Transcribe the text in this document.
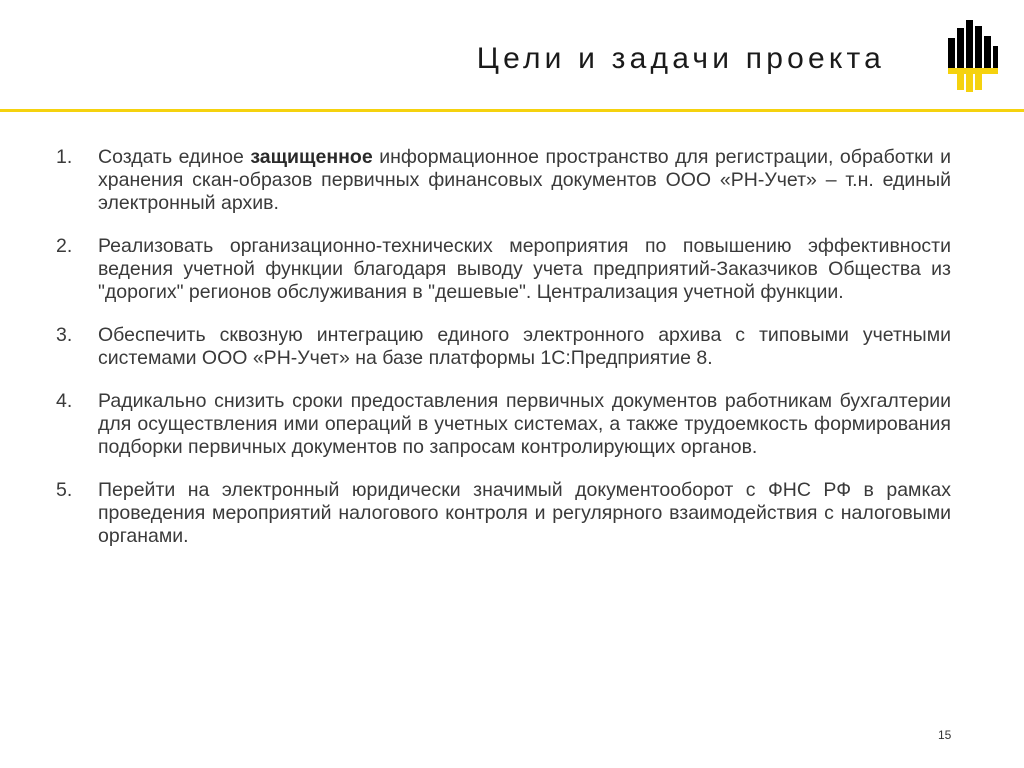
Цели и задачи проекта
1.	Создать единое защищенное информационное пространство для регистрации, обработки и хранения скан-образов первичных финансовых документов ООО «РН-Учет» – т.н. единый электронный архив.
2.	Реализовать организационно-технических мероприятия по повышению эффективности ведения учетной функции благодаря выводу учета предприятий-Заказчиков Общества из "дорогих" регионов обслуживания в "дешевые". Централизация учетной функции.
3.	Обеспечить сквозную интеграцию единого электронного архива с типовыми учетными системами ООО «РН-Учет» на базе платформы 1С:Предприятие 8.
4.	Радикально снизить сроки предоставления первичных документов работникам бухгалтерии для осуществления ими операций в учетных системах, а также трудоемкость формирования подборки первичных документов по запросам контролирующих органов.
5.	Перейти на электронный юридически значимый документооборот с ФНС РФ в рамках проведения мероприятий налогового контроля и регулярного взаимодействия с налоговыми органами.
15
